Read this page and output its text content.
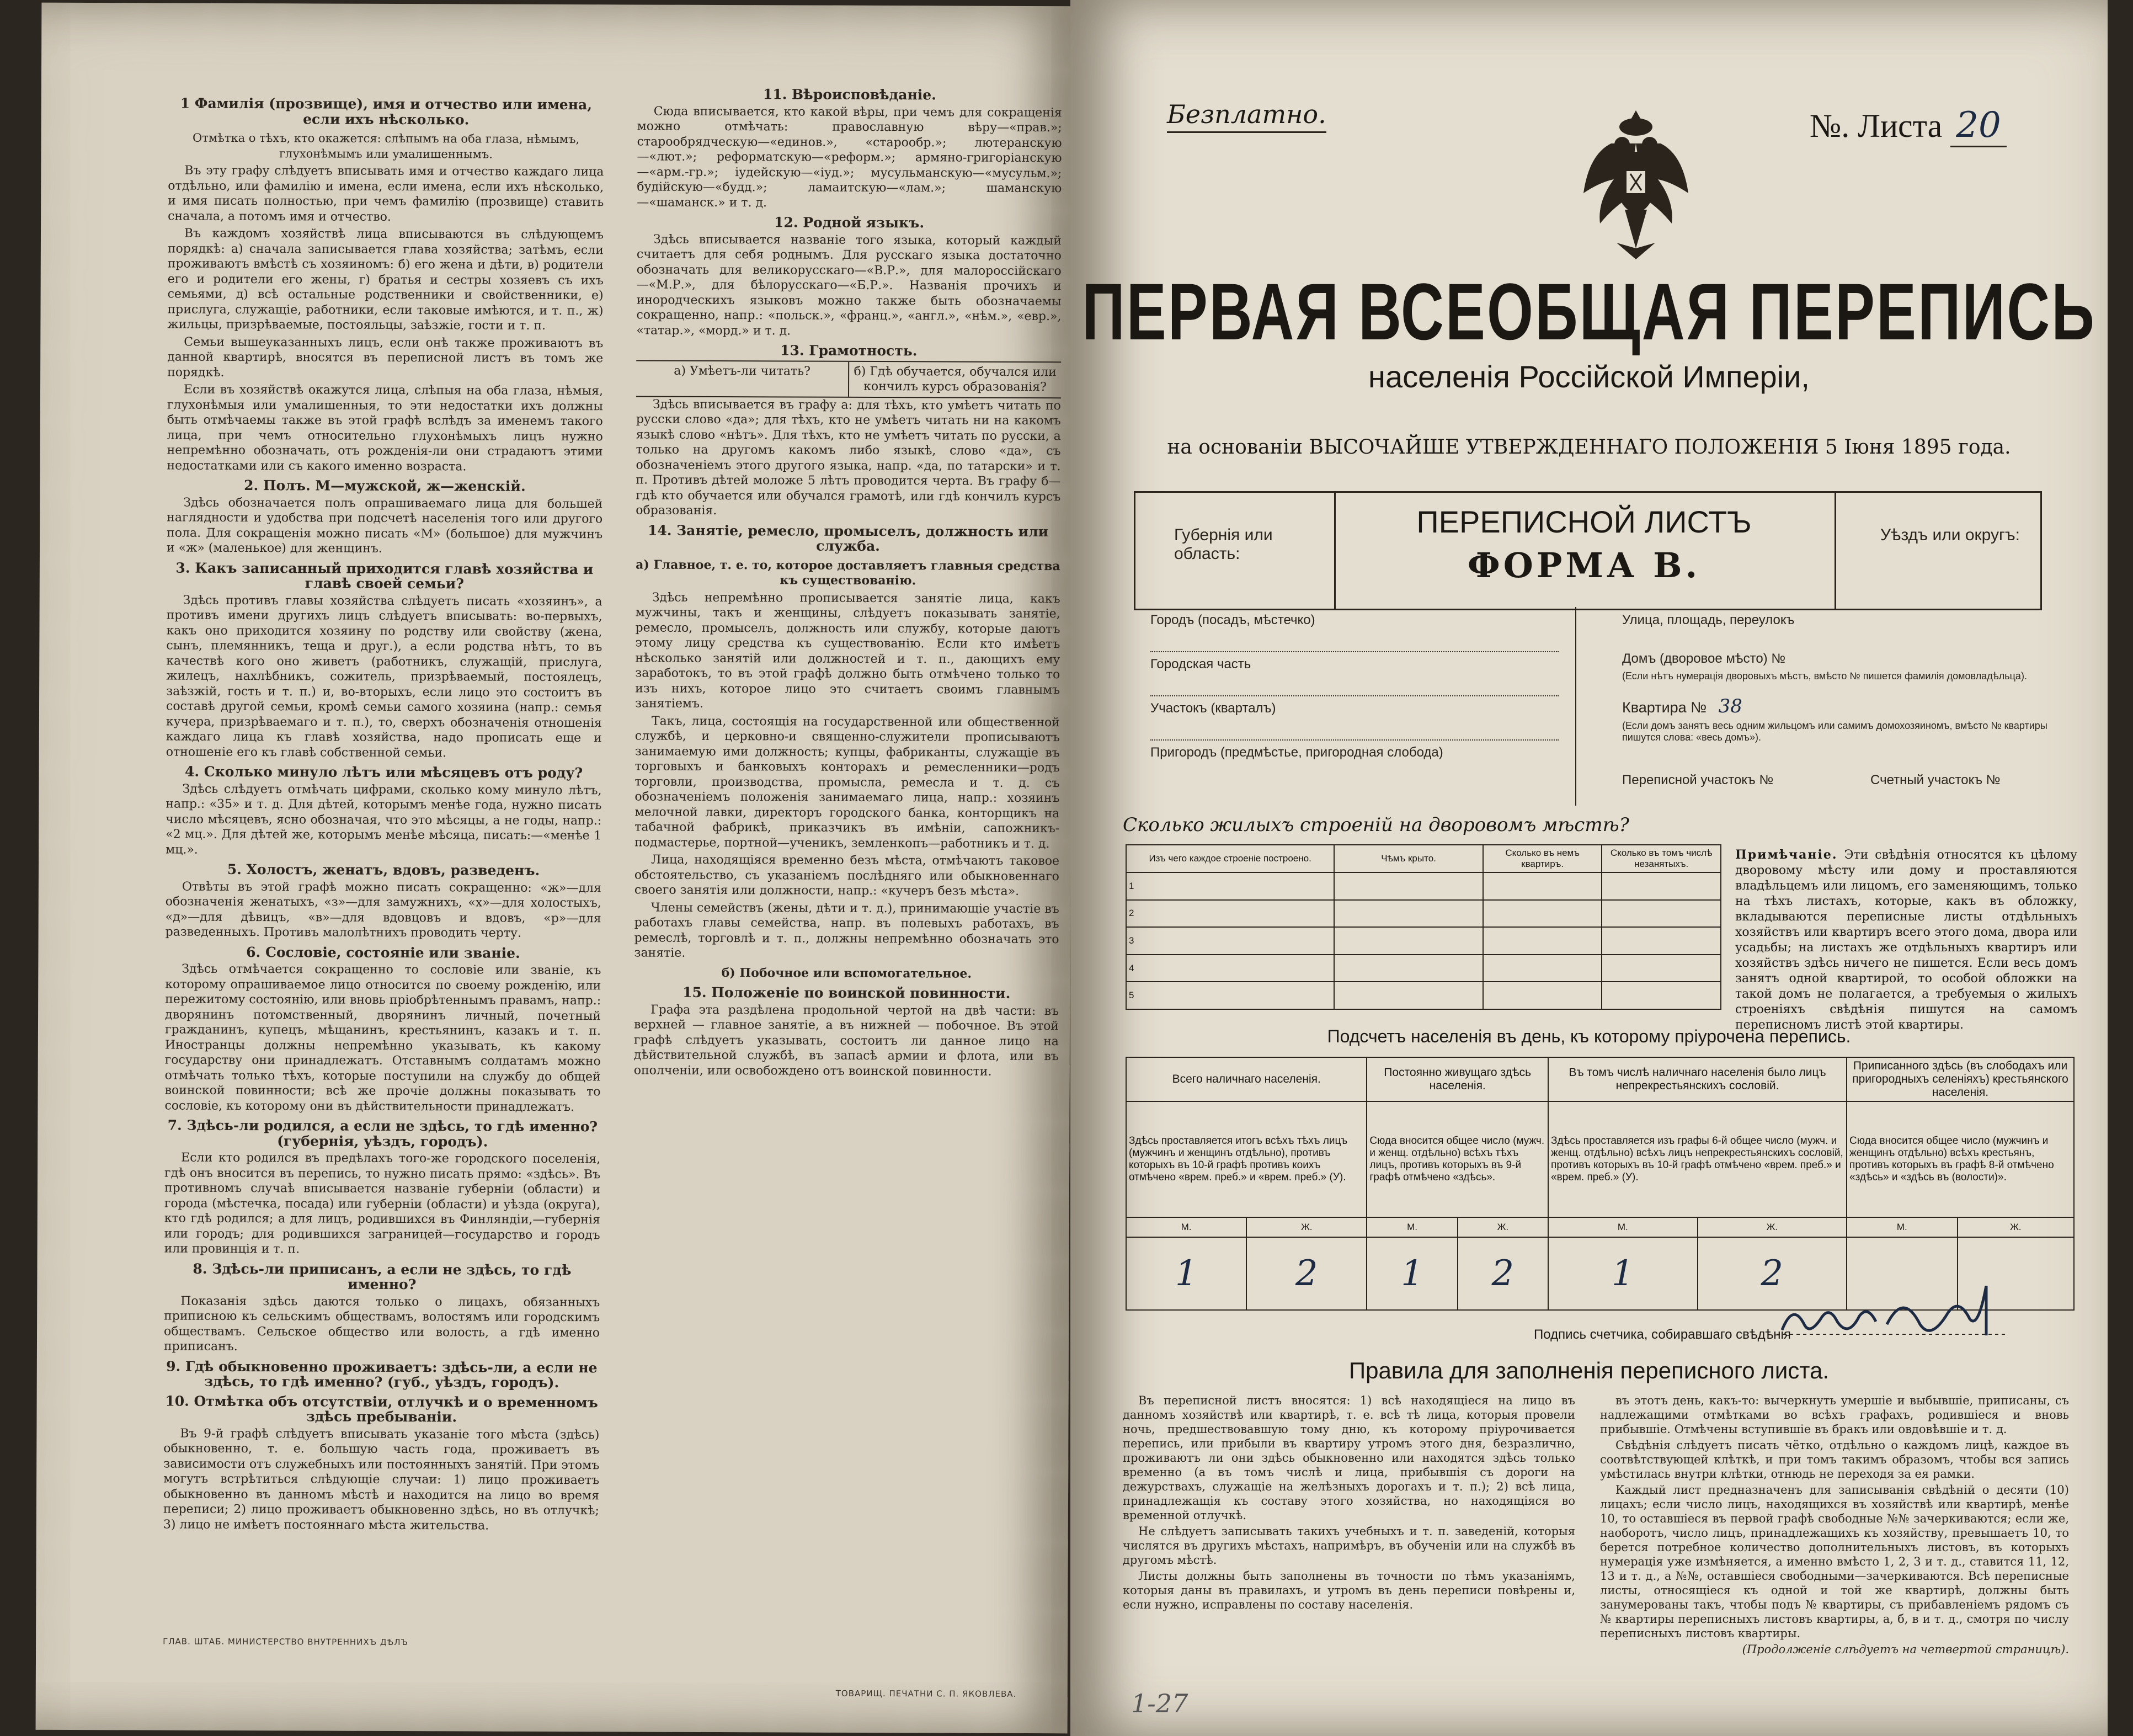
1 Фамилія (прозвище), имя и отчество или имена, если ихъ нѣсколько.
Отмѣтка о тѣхъ, кто окажется: слѣпымъ на оба глаза, нѣмымъ, глухонѣмымъ или умалишеннымъ.

Въ эту графу слѣдуетъ вписывать имя и отчество каждаго лица отдѣльно, или фамилію и имена, если имена, если ихъ нѣсколько, и имя писать полностью, при чемъ фамилію (прозвище) ставить сначала, а потомъ имя и отчество.

Въ каждомъ хозяйствѣ лица вписываются въ слѣдующемъ порядкѣ: а) сначала записывается глава хозяйства; затѣмъ, если проживаютъ вмѣстѣ съ хозяиномъ: б) его жена и дѣти, в) родители его и родители его жены, г) братья и сестры хозяевъ съ ихъ семьями, д) всѣ остальные родственники и свойственники, е) прислуга, служащіе, работники, если таковые имѣются, и т. п., ж) жильцы, призрѣваемые, постояльцы, заѣзжіе, гости и т. п.

Семьи вышеуказанныхъ лицъ, если онѣ также проживаютъ въ данной квартирѣ, вносятся въ переписной листъ въ томъ же порядкѣ.

Если въ хозяйствѣ окажутся лица, слѣпыя на оба глаза, нѣмыя, глухонѣмыя или умалишенныя, то эти недостатки ихъ должны быть отмѣчаемы также въ этой графѣ вслѣдъ за именемъ такого лица, при чемъ относительно глухонѣмыхъ лицъ нужно непремѣнно обозначать, отъ рожденія-ли они страдаютъ этими недостатками или съ какого именно возраста.

2. Полъ. М—мужской, ж—женскій.

Здѣсь обозначается полъ опрашиваемаго лица для большей наглядности и удобства при подсчетѣ населенія того или другого пола. Для сокращенія можно писать «М» (большое) для мужчинъ и «ж» (маленькое) для женщинъ.

3. Какъ записанный приходится главѣ хозяйства и главѣ своей семьи?

Здѣсь противъ главы хозяйства слѣдуетъ писать «хозяинъ», а противъ имени другихъ лицъ слѣдуетъ вписывать: во-первыхъ, какъ оно приходится хозяину по родству или свойству (жена, сынъ, племянникъ, теща и друг.), а если родства нѣтъ, то въ качествѣ кого оно живетъ (работникъ, служащій, прислуга, жилецъ, нахлѣбникъ, сожитель, призрѣваемый, постоялецъ, заѣзжій, гость и т. п.) и, во-вторыхъ, если лицо это состоитъ въ составѣ другой семьи, кромѣ семьи самого хозяина (напр.: семья кучера, призрѣваемаго и т. п.), то, сверхъ обозначенія отношенія каждаго лица къ главѣ хозяйства, надо прописать еще и отношеніе его къ главѣ собственной семьи.

4. Сколько минуло лѣтъ или мѣсяцевъ отъ роду?

Здѣсь слѣдуетъ отмѣчать цифрами, сколько кому минуло лѣтъ, напр.: «35» и т. д. Для дѣтей, которымъ менѣе года, нужно писать число мѣсяцевъ, ясно обозначая, что это мѣсяцы, а не годы, напр.: «2 мц.». Для дѣтей же, которымъ менѣе мѣсяца, писать:—«менѣе 1 мц.».

5. Холостъ, женатъ, вдовъ, разведенъ.

Отвѣты въ этой графѣ можно писать сокращенно: «ж»—для обозначенія женатыхъ, «з»—для замужнихъ, «х»—для холостыхъ, «д»—для дѣвицъ, «в»—для вдовцовъ и вдовъ, «р»—для разведенныхъ. Противъ малолѣтнихъ проводить черту.

6. Сословіе, состояніе или званіе.

Здѣсь отмѣчается сокращенно то сословіе или званіе, къ которому опрашиваемое лицо относится по своему рожденію, или пережитому состоянію, или вновь пріобрѣтеннымъ правамъ, напр.: дворянинъ потомственный, дворянинъ личный, почетный гражданинъ, купецъ, мѣщанинъ, крестьянинъ, казакъ и т. п. Иностранцы должны непремѣнно указывать, къ какому государству они принадлежатъ. Отставнымъ солдатамъ можно отмѣчать только тѣхъ, которые поступили на службу до общей воинской повинности; всѣ же прочіе должны показывать то сословіе, къ которому они въ дѣйствительности принадлежатъ.

7. Здѣсь-ли родился, а если не здѣсь, то гдѣ именно? (губернія, уѣздъ, городъ).

Если кто родился въ предѣлахъ того-же городского поселенія, гдѣ онъ вносится въ перепись, то нужно писать прямо: «здѣсь». Въ противномъ случаѣ вписывается названіе губерніи (области) и города (мѣстечка, посада) или губерніи (области) и уѣзда (округа), кто гдѣ родился; а для лицъ, родившихся въ Финляндіи,—губернія или городъ; для родившихся заграницей—государство и городъ или провинція и т. п.

8. Здѣсь-ли приписанъ, а если не здѣсь, то гдѣ именно?

Показанія здѣсь даются только о лицахъ, обязанныхъ приписною къ сельскимъ обществамъ, волостямъ или городскимъ обществамъ. Сельское общество или волость, а гдѣ именно приписанъ.

9. Гдѣ обыкновенно проживаетъ: здѣсь-ли, а если не здѣсь, то гдѣ именно? (губ., уѣздъ, городъ).
10. Отмѣтка объ отсутствіи, отлучкѣ и о временномъ здѣсь пребываніи.

Въ 9-й графѣ слѣдуетъ вписывать указаніе того мѣста (здѣсь) обыкновенно, т. е. большую часть года, проживаетъ въ зависимости отъ служебныхъ или постоянныхъ занятій. При этомъ могутъ встрѣтиться слѣдующіе случаи: 1) лицо проживаетъ обыкновенно въ данномъ мѣстѣ и находится на лицо во время переписи; 2) лицо проживаетъ обыкновенно здѣсь, но въ отлучкѣ; 3) лицо не имѣетъ постояннаго мѣста жительства.

11. Вѣроисповѣданіе.

Сюда вписывается, кто какой вѣры, при чемъ для сокращенія можно отмѣчать: православную вѣру—«прав.»; старообрядческую—«единов.», «старообр.»; лютеранскую—«лют.»; реформатскую—«реформ.»; армяно-григоріанскую—«арм.-гр.»; іудейскую—«іуд.»; мусульманскую—«мусульм.»; будійскую—«будд.»; ламаитскую—«лам.»; шаманскую—«шаманск.» и т. д.

12. Родной языкъ.

Здѣсь вписывается названіе того языка, который каждый считаетъ для себя роднымъ. Для русскаго языка достаточно обозначать для великорусскаго—«В.Р.», для малороссійскаго—«М.Р.», для бѣлорусскаго—«Б.Р.». Названія прочихъ и инородческихъ языковъ можно также быть обозначаемы сокращенно, напр.: «польск.», «франц.», «англ.», «нѣм.», «евр.», «татар.», «морд.» и т. д.

13. Грамотность.
а) Умѣетъ-ли читать?	б) Гдѣ обучается, обучался или кончилъ курсъ образованія?

Здѣсь вписывается въ графу а: для тѣхъ, кто умѣетъ читать по русски слово «да»; для тѣхъ, кто не умѣетъ читать ни на какомъ языкѣ слово «нѣтъ». Для тѣхъ, кто не умѣетъ читать по русски, а только на другомъ какомъ либо языкѣ, слово «да», съ обозначеніемъ этого другого языка, напр. «да, по татарски» и т. п. Противъ дѣтей моложе 5 лѣтъ проводится черта. Въ графу б—гдѣ кто обучается или обучался грамотѣ, или гдѣ кончилъ курсъ образованія.

14. Занятіе, ремесло, промыселъ, должность или служба.
а) Главное, т. е. то, которое доставляетъ главныя средства къ существованію.

Здѣсь непремѣнно прописывается занятіе лица, какъ мужчины, такъ и женщины, слѣдуетъ показывать занятіе, ремесло, промыселъ, должность или службу, которые даютъ этому лицу средства къ существованію. Если кто имѣетъ нѣсколько занятій или должностей и т. п., дающихъ ему заработокъ, то въ этой графѣ должно быть отмѣчено только то изъ нихъ, которое лицо это считаетъ своимъ главнымъ занятіемъ.

Такъ, лица, состоящія на государственной или общественной службѣ, и церковно-и священно-служители прописываютъ занимаемую ими должность; купцы, фабриканты, служащіе въ торговыхъ и банковыхъ конторахъ и ремесленники—родъ торговли, производства, промысла, ремесла и т. д. съ обозначеніемъ положенія занимаемаго лица, напр.: хозяинъ мелочной лавки, директоръ городского банка, конторщикъ на табачной фабрикѣ, приказчикъ въ имѣніи, сапожникъ-подмастерье, портной—ученикъ, земленкопъ—работникъ и т. д.

Лица, находящіяся временно безъ мѣста, отмѣчаютъ таковое обстоятельство, съ указаніемъ послѣдняго или обыкновеннаго своего занятія или должности, напр.: «кучеръ безъ мѣста».

Члены семействъ (жены, дѣти и т. д.), принимающіе участіе въ работахъ главы семейства, напр. въ полевыхъ работахъ, въ ремеслѣ, торговлѣ и т. п., должны непремѣнно обозначать это занятіе.

б) Побочное или вспомогательное.
15. Положеніе по воинской повинности.

Графа эта раздѣлена продольной чертой на двѣ части: въ верхней — главное занятіе, а въ нижней — побочное. Въ этой графѣ слѣдуетъ указывать, состоитъ ли данное лицо на дѣйствительной службѣ, въ запасѣ армии и флота, или въ ополченіи, или освобождено отъ воинской повинности.

ГЛАВ. ШТАБ. МИНИСТЕРСТВО ВНУТРЕННИХЪ ДѢЛЪ
ТОВАРИЩ. ПЕЧАТНИ С. П. ЯКОВЛЕВА.
Безплатно.	№. Листа 20
ПЕРВАЯ ВСЕОБЩАЯ ПЕРЕПИСЬ
населенія Россійской Имперіи,
на основаніи ВЫСОЧАЙШЕ УТВЕРЖДЕННАГО ПОЛОЖЕНІЯ 5 Іюня 1895 года.
Губернія или область:
ПЕРЕПИСНОЙ ЛИСТЪ
ФОРМА В.
Уѣздъ или округъ:
Городъ (посадъ, мѣстечко)
Городская часть
Участокъ (кварталъ)
Пригородъ (предмѣстье, пригородная слобода)
Улица, площадь, переулокъ
Домъ (дворовое мѣсто) №
(Если нѣтъ нумерація дворовыхъ мѣстъ, вмѣсто № пишется фамилія домовладѣльца).
Квартира № 38
(Если домъ занятъ весь одним жильцомъ или самимъ домохозяиномъ, вмѣсто № квартиры пишутся слова: «весь домъ»).
Переписной участокъ №	Счетный участокъ №
Сколько жилыхъ строеній на дворовомъ мѣстѣ?
Изъ чего каждое строеніе построено.	Чѣмъ крыто.	Сколько въ немъ квартиръ.	Сколько въ томъ числѣ незанятыхъ.
1			
2			
3			
4			
5			
Примѣчаніе. Эти свѣдѣнія относятся къ цѣлому дворовому мѣсту или дому и проставляются владѣльцемъ или лицомъ, его заменяющимъ, только на тѣхъ листахъ, которые, какъ въ обложку, вкладываются переписные листы отдѣльныхъ хозяйствъ или квартиръ всего этого дома, двора или усадьбы; на листахъ же отдѣльныхъ квартиръ или хозяйствъ здѣсь ничего не пишется. Если весь домъ занятъ одной квартирой, то особой обложки на такой домъ не полагается, а требуемыя о жилыхъ строеніяхъ свѣдѣнія пишутся на самомъ переписномъ листѣ этой квартиры.
Подсчетъ населенія въ день, къ которому пріурочена перепись.
Всего наличнаго населенія.		Постоянно живущаго здѣсь населенія.		Въ томъ числѣ наличнаго населенія было лицъ непрекрестьянскихъ сословій.		Приписанного здѣсь (въ слободахъ или пригородныхъ селеніяхъ) крестьянского населенія.	
Здѣсь проставляется итогъ всѣхъ тѣхъ лицъ (мужчинъ и женщинъ отдѣльно), противъ которыхъ въ 10-й графѣ противъ коихъ отмѣчено «врем. преб.» и «врем. преб.» (У).		Сюда вносится общее число (мужч. и женщ. отдѣльно) всѣхъ тѣхъ лицъ, противъ которыхъ въ 9-й графѣ отмѣчено «здѣсь».		Здѣсь проставляется изъ графы 6-й общее число (мужч. и женщ. отдѣльно) всѣхъ лицъ непрекрестьянскихъ сословій, противъ которыхъ въ 10-й графѣ отмѣчено «врем. преб.» и «врем. преб.» (У).		Сюда вносится общее число (мужчинъ и женщинъ отдѣльно) всѣхъ крестьянъ, противъ которыхъ въ графѣ 8-й отмѣчено «здѣсь» и «здѣсь въ (волости)».	
М.	Ж.	М.	Ж.	М.	Ж.	М.	Ж.
1	2	1	2	1	2		
Подпись счетчика, собиравшаго свѣдѣнія
Правила для заполненія переписного листа.

Въ переписной листъ вносятся: 1) всѣ находящіеся на лицо въ данномъ хозяйствѣ или квартирѣ, т. е. всѣ тѣ лица, которыя провели ночь, предшествовавшую тому дню, къ которому пріурочивается перепись, или прибыли въ квартиру утромъ этого дня, безразлично, проживаютъ ли они здѣсь обыкновенно или находятся здѣсь только временно (а въ томъ числѣ и лица, прибывшія съ дороги на дежурствахъ, служащіе на желѣзныхъ дорогахъ и т. п.); 2) всѣ лица, принадлежащія къ составу этого хозяйства, но находящіяся во временной отлучкѣ.

Не слѣдуетъ записывать такихъ учебныхъ и т. п. заведеній, которыя числятся въ другихъ мѣстахъ, напримѣръ, въ обученіи или на службѣ въ другомъ мѣстѣ.

Листы должны быть заполнены въ точности по тѣмъ указаніямъ, которыя даны въ правилахъ, и утромъ въ день переписи повѣрены и, если нужно, исправлены по составу населенія.

въ этотъ день, какъ-то: вычеркнуть умершіе и выбывшіе, приписаны, съ надлежащими отмѣтками во всѣхъ графахъ, родившіеся и вновь прибывшіе. Отмѣчены вступившіе въ бракъ или овдовѣвшіе и т. д.

Свѣдѣнія слѣдуетъ писать чётко, отдѣльно о каждомъ лицѣ, каждое въ соотвѣтствующей клѣткѣ, и при томъ такимъ образомъ, чтобы вся запись умѣстилась внутри клѣтки, отнюдь не переходя за ея рамки.

Каждый лист предназначенъ для записыванія свѣдѣній о десяти (10) лицахъ; если число лицъ, находящихся въ хозяйствѣ или квартирѣ, менѣе 10, то оставшіеся въ первой графѣ свободные №№ зачеркиваются; если же, наоборотъ, число лицъ, принадлежащихъ къ хозяйству, превышаетъ 10, то берется потребное количество дополнительныхъ листовъ, въ которыхъ нумерація уже измѣняется, а именно вмѣсто 1, 2, 3 и т. д., ставится 11, 12, 13 и т. д., а №№, оставшіеся свободными—зачеркиваются. Всѣ переписные листы, относящіеся къ одной и той же квартирѣ, должны быть занумерованы такъ, чтобы подъ № квартиры, съ прибавленіемъ рядомъ съ № квартиры переписныхъ листовъ квартиры, а, б, в и т. д., смотря по числу переписныхъ листовъ квартиры.

(Продолженіе слѣдуетъ на четвертой страницѣ).
1-27
